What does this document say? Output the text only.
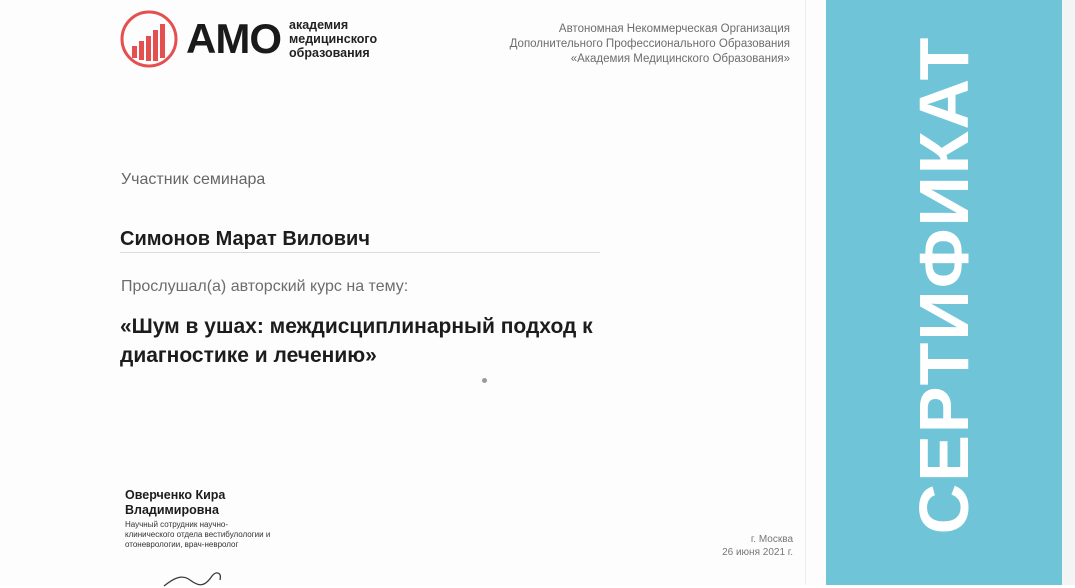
АМО академия
медицинского
образования
Автономная Некоммерческая Организация
Дополнительного Профессионального Образования
«Академия Медицинского Образования»
Участник семинара
Симонов Марат Вилович
Прослушал(а) авторский курс на тему:
«Шум в ушах: междисциплинарный подход к диагностике и лечению»
Оверченко Кира Владимировна
Научный сотрудник научно-клинического отдела вестибулологии и отоневрологии, врач-невролог	г. Москва
26 июня 2021 г.
СЕРТИФИКАТ
